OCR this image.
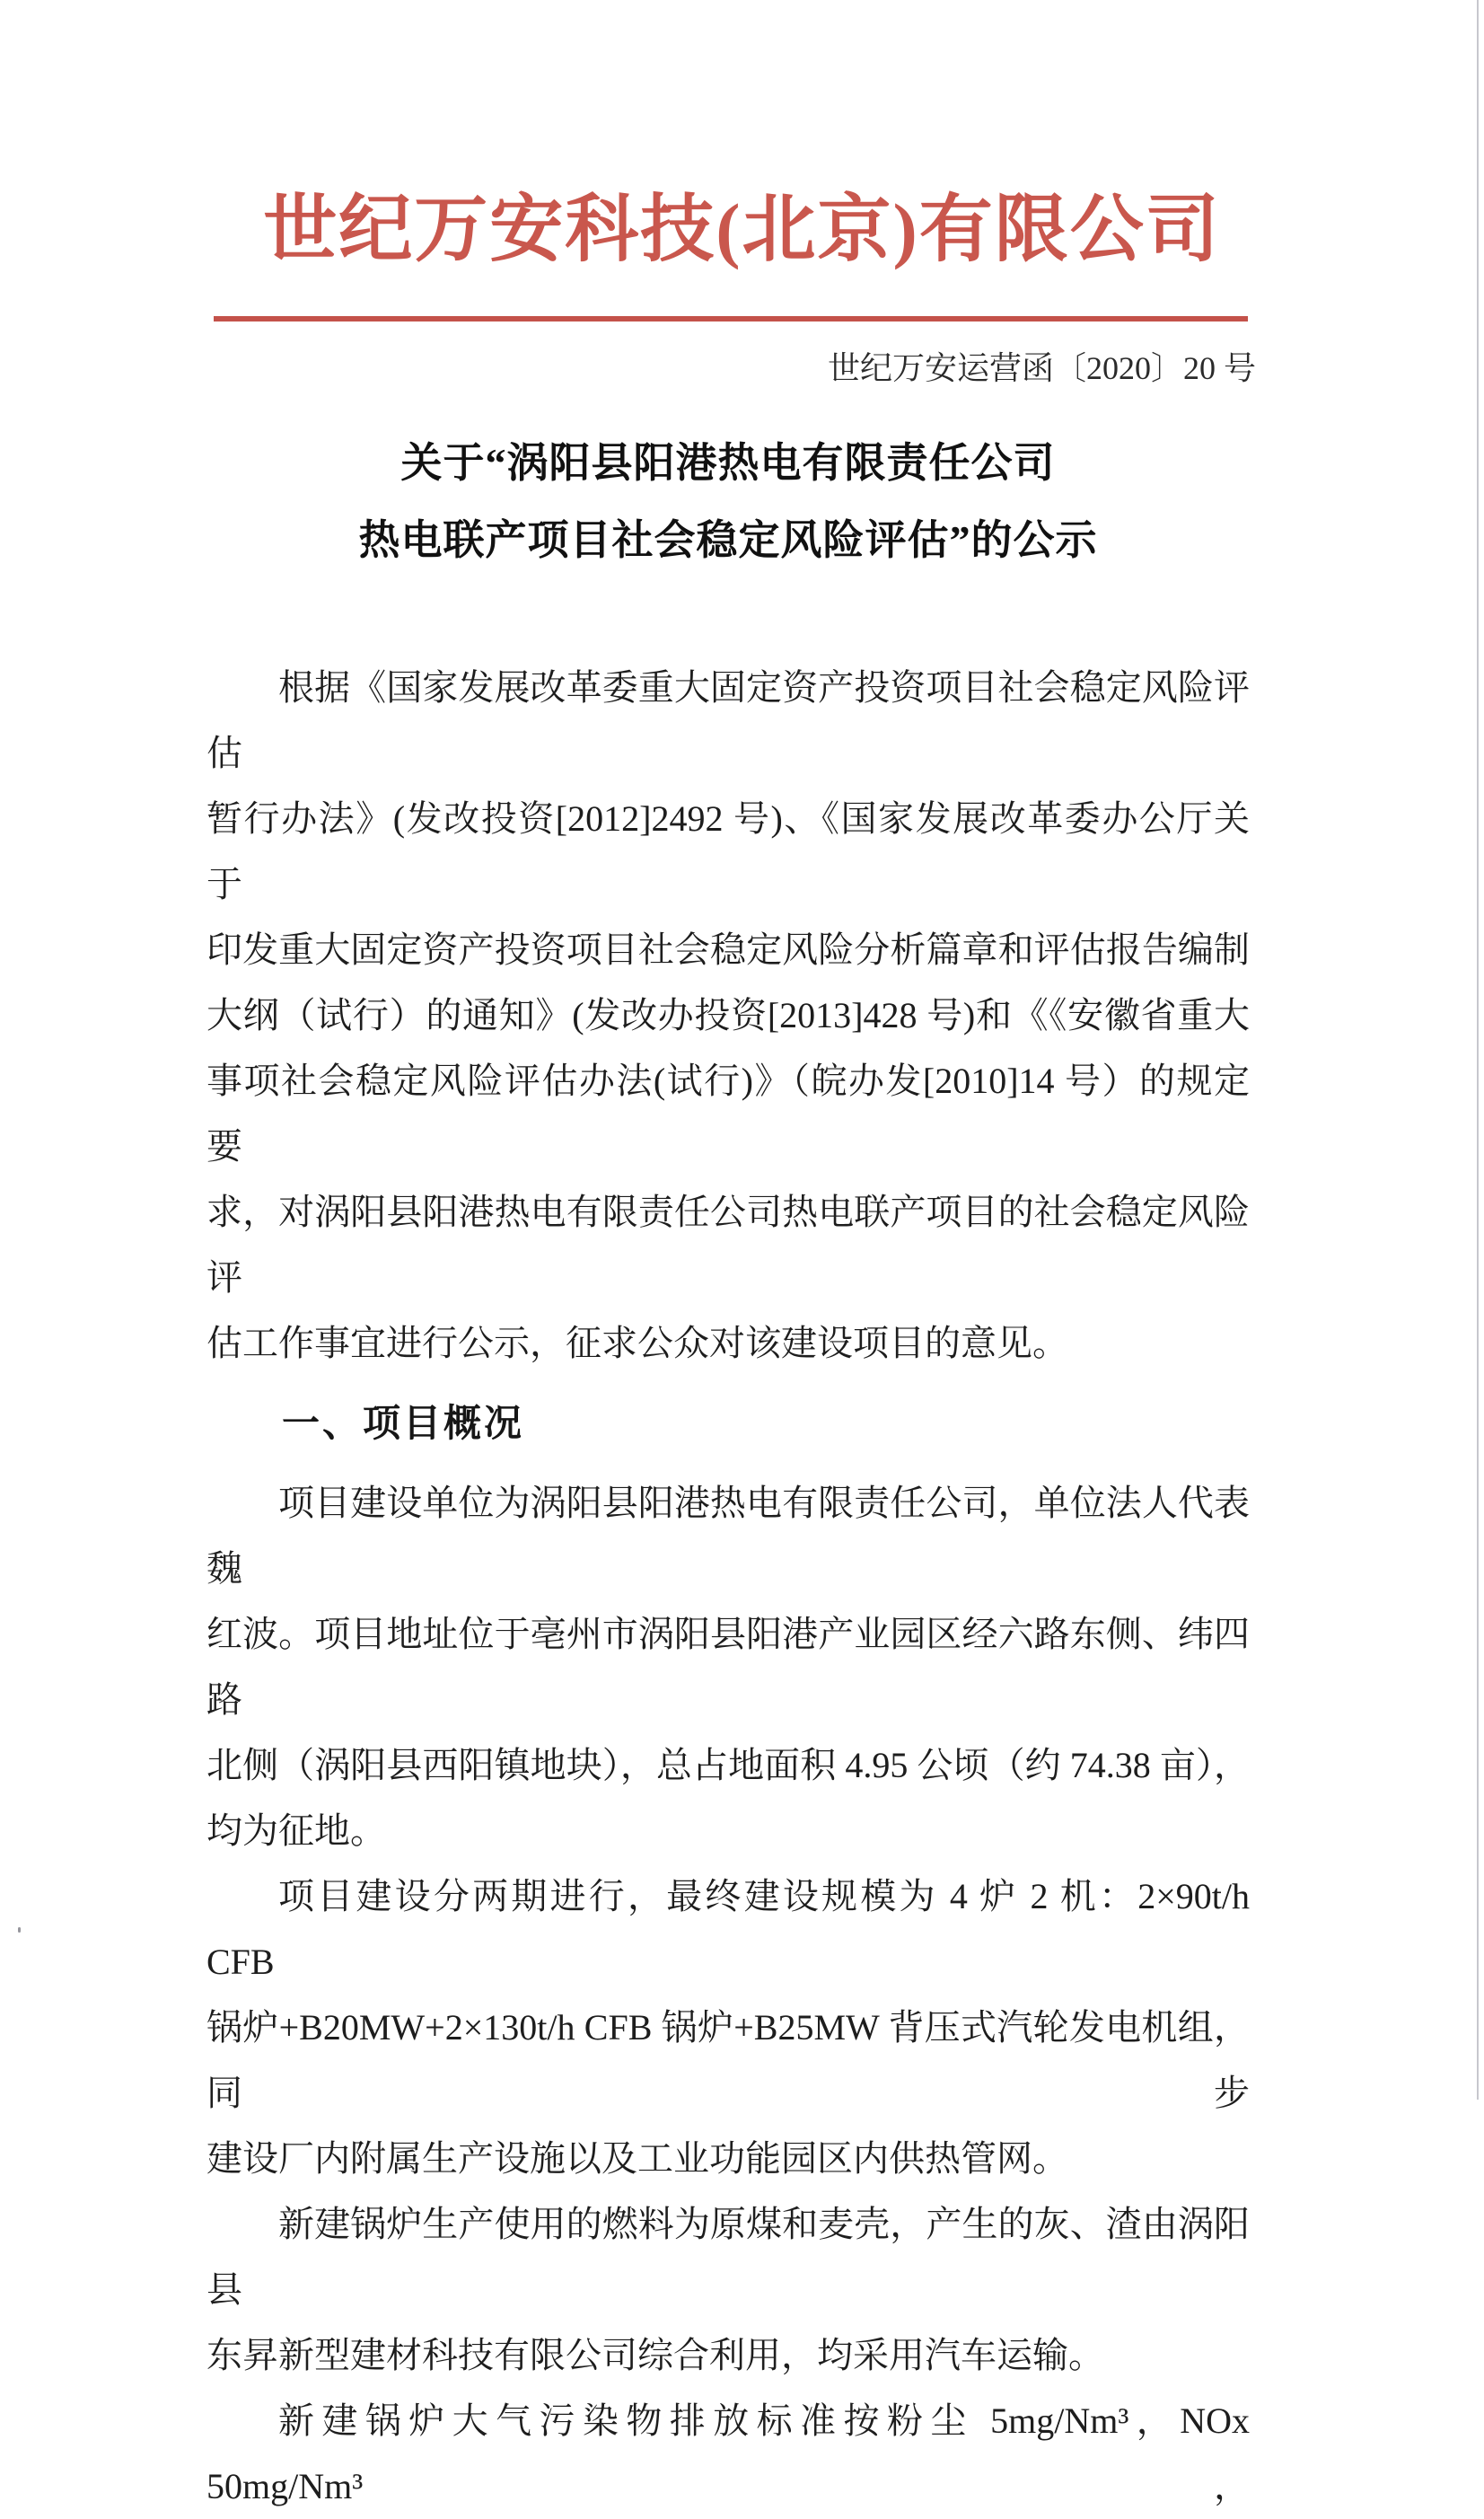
世纪万安科技(北京)有限公司
世纪万安运营函〔2020〕20 号
关于“涡阳县阳港热电有限责任公司
热电联产项目社会稳定风险评估”的公示
根据《国家发展改革委重大固定资产投资项目社会稳定风险评估
暂行办法》(发改投资[2012]2492 号)、《国家发展改革委办公厅关于
印发重大固定资产投资项目社会稳定风险分析篇章和评估报告编制
大纲（试行）的通知》(发改办投资[2013]428 号)和《《安徽省重大
事项社会稳定风险评估办法(试行)》（皖办发[2010]14 号）的规定要
求，对涡阳县阳港热电有限责任公司热电联产项目的社会稳定风险评
估工作事宜进行公示，征求公众对该建设项目的意见。
一、项目概况
项目建设单位为涡阳县阳港热电有限责任公司，单位法人代表魏
红波。项目地址位于亳州市涡阳县阳港产业园区经六路东侧、纬四路
北侧（涡阳县西阳镇地块），总占地面积 4.95 公顷（约 74.38 亩），
均为征地。
项目建设分两期进行，最终建设规模为 4 炉 2 机：2×90t/h CFB
锅炉+B20MW+2×130t/h CFB 锅炉+B25MW 背压式汽轮发电机组，同步
建设厂内附属生产设施以及工业功能园区内供热管网。
新建锅炉生产使用的燃料为原煤和麦壳，产生的灰、渣由涡阳县
东昇新型建材科技有限公司综合利用，均采用汽车运输。
新建锅炉大气污染物排放标准按粉尘 5mg/Nm³，NOx 50mg/Nm³，
